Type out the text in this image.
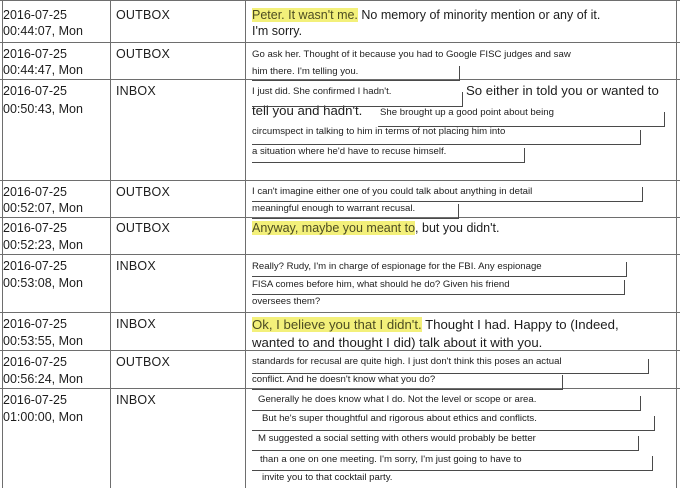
2016-07-25
00:44:07, Mon
OUTBOX	Peter. It wasn't me. No memory of minority mention or any of it.
I'm sorry.
2016-07-25
00:44:47, Mon
OUTBOX	Go ask her. Thought of it because you had to Google FISC judges and saw
him there. I'm telling you.
2016-07-25
00:50:43, Mon
INBOX	I just did. She confirmed I hadn't.	So either in told you or wanted to
tell you and hadn't. She brought up a good point about being
circumspect in talking to him in terms of not placing him into
a situation where he'd have to recuse himself.
2016-07-25
00:52:07, Mon
OUTBOX	I can't imagine either one of you could talk about anything in detail
meaningful enough to warrant recusal.
2016-07-25
00:52:23, Mon
OUTBOX	Anyway, maybe you meant to, but you didn't.
2016-07-25
00:53:08, Mon
INBOX	Really? Rudy, I'm in charge of espionage for the FBI. Any espionage
FISA comes before him, what should he do? Given his friend
oversees them?
2016-07-25
00:53:55, Mon
INBOX	Ok, I believe you that I didn't. Thought I had. Happy to (Indeed,
wanted to and thought I did) talk about it with you.
2016-07-25
00:56:24, Mon
OUTBOX	standards for recusal are quite high. I just don't think this poses an actual
conflict. And he doesn't know what you do?
2016-07-25
01:00:00, Mon
INBOX	Generally he does know what I do. Not the level or scope or area.
But he's super thoughtful and rigorous about ethics and conflicts.
M suggested a social setting with others would probably be better
than a one on one meeting. I'm sorry, I'm just going to have to
invite you to that cocktail party.
